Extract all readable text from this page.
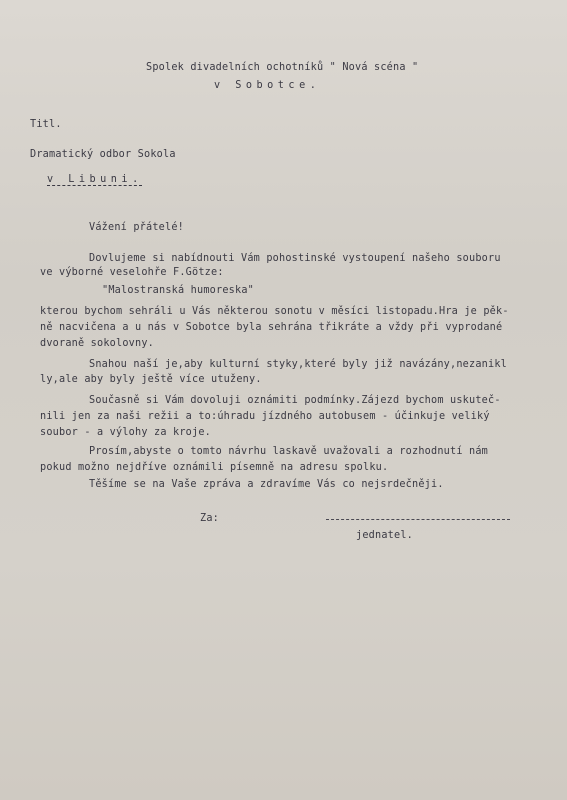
Spolek divadelních ochotníků " Nová scéna "
v Sobotce.
Titl.
Dramatický odbor Sokola
v Libuni.
Vážení přátelé!
Dovlujeme si nabídnouti Vám pohostinské vystoupení našeho souboru
ve výborné veselohře F.Götze:
"Malostranská humoreska"
kterou bychom sehráli u Vás některou sonotu v měsíci listopadu.Hra je pěk-
ně nacvičena a u nás v Sobotce byla sehrána třikráte a vždy při vyprodané
dvoraně sokolovny.
Snahou naší je,aby kulturní styky,které byly již navázány,nezanikl
ly,ale aby byly ještě více utuženy.
Současně si Vám dovoluji oznámiti podmínky.Zájezd bychom uskuteč-
nili jen za naši režii a to:úhradu jízdného autobusem - účinkuje veliký
soubor - a výlohy za kroje.
Prosím,abyste o tomto návrhu laskavě uvažovali a rozhodnutí nám
pokud možno nejdříve oznámili písemně na adresu spolku.
Těšíme se na Vaše zpráva a zdravíme Vás co nejsrdečněji.
Za:
jednatel.
